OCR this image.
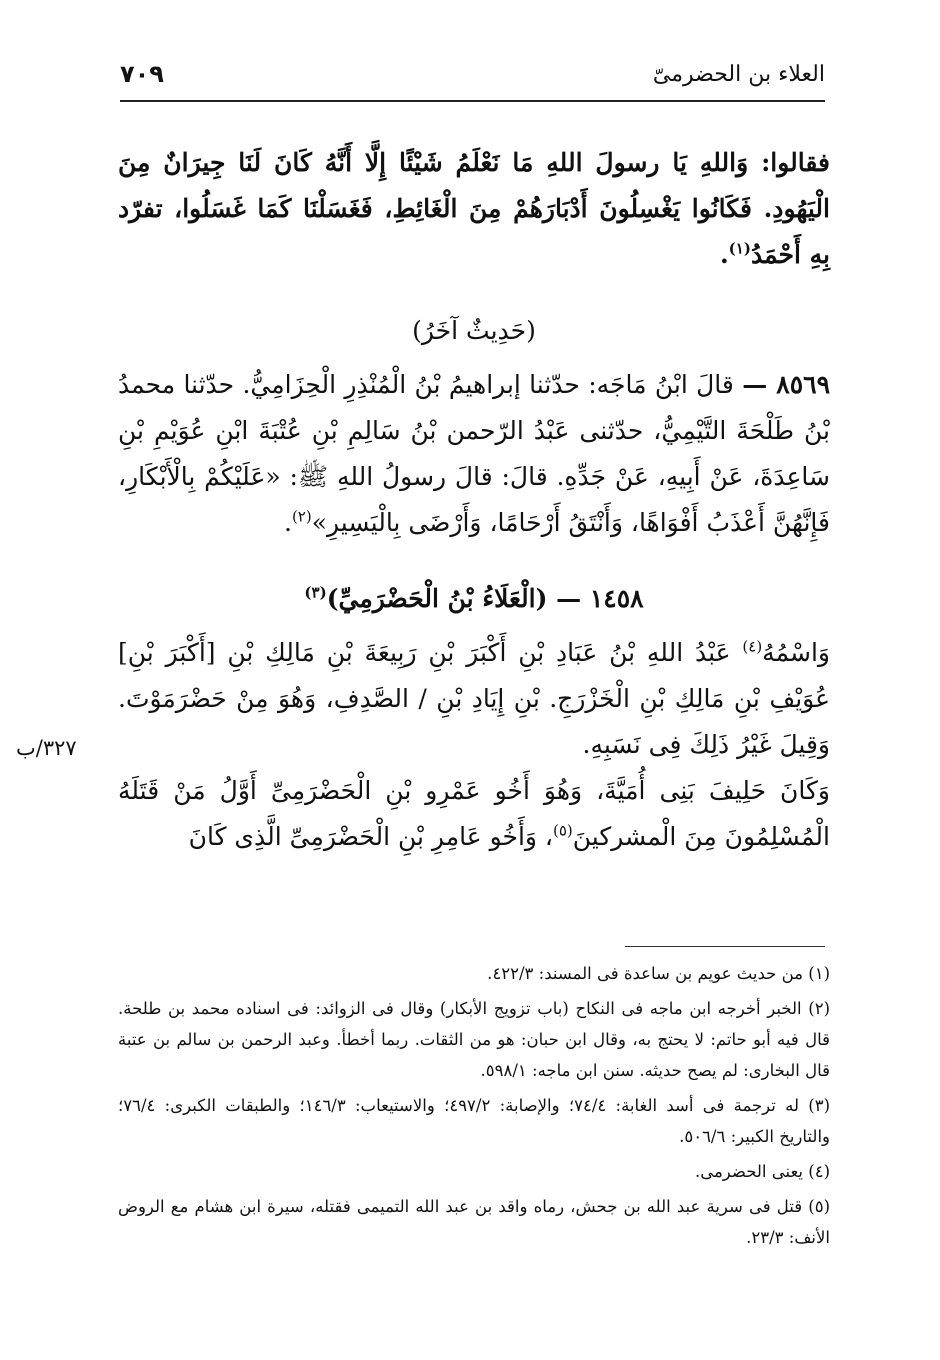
العلاء بن الحضرمىّ
٧٠٩

فقالوا: وَاللهِ يَا رسولَ اللهِ مَا نَعْلَمُ شَيْئًا إِلَّا أَنَّهُ كَانَ لَنَا جِيرَانٌ مِنَ الْيَهُودِ. فَكَانُوا يَغْسِلُونَ أَدْبَارَهُمْ مِنَ الْغَائِطِ، فَغَسَلْنَا كَمَا غَسَلُوا، تفرّد بِهِ أَحْمَدُ$^{(١)}$.

(حَدِيثٌ آخَرُ)

٨٥٦٩ — قالَ ابْنُ مَاجَه: حدّثنا إبراهيمُ بْنُ الْمُنْذِرِ الْحِزَامِيُّ. حدّثنا محمدُ بْنُ طَلْحَةَ التَّيْمِيُّ، حدّثنى عَبْدُ الرّحمن بْنُ سَالِمِ بْنِ عُتْبَةَ ابْنِ عُوَيْمِ بْنِ سَاعِدَةَ، عَنْ أَبِيهِ، عَنْ جَدِّهِ. قالَ: قالَ رسولُ اللهِ ﷺ: «عَلَيْكُمْ بِالْأَبْكَارِ، فَإِنَّهُنَّ أَعْذَبُ أَفْوَاهًا، وَأَنْتَقُ أَرْحَامًا، وَأَرْضَى بِالْيَسِيرِ»$^{(٢)}$.

١٤٥٨ — (الْعَلَاءُ بْنُ الْحَضْرَمِيِّ)$^{(٣)}$

وَاسْمُهُ$^{(٤)}$ عَبْدُ اللهِ بْنُ عَبَادِ بْنِ أَكْبَرَ بْنِ رَبِيعَةَ بْنِ مَالِكِ بْنِ [أَكْبَرَ بْنِ] عُوَيْفِ بْنِ مَالِكِ بْنِ الْخَزْرَجِ. بْنِ إِيَادِ بْنِ / الصَّدِفِ، وَهُوَ مِنْ حَضْرَمَوْتَ. وَقِيلَ غَيْرُ ذَلِكَ فِى نَسَبِهِ.

وَكَانَ حَلِيفَ بَنِى أُمَيَّةَ، وَهُوَ أَخُو عَمْرِو بْنِ الْحَضْرَمِىِّ أَوَّلُ مَنْ قَتَلَهُ الْمُسْلِمُونَ مِنَ الْمشركينَ$^{(٥)}$، وَأَخُو عَامِرِ بْنِ الْحَضْرَمِىِّ الَّذِى كَانَ

٣٢٧/ب

(١) من حديث عويم بن ساعدة فى المسند: ٤٢٢/٣.

(٢) الخبر أخرجه ابن ماجه فى النكاح (باب تزويج الأبكار) وقال فى الزوائد: فى اسناده محمد بن طلحة. قال فيه أبو حاتم: لا يحتج به، وقال ابن حبان: هو من الثقات. ربما أخطأ. وعبد الرحمن بن سالم بن عتبة قال البخارى: لم يصح حديثه. سنن ابن ماجه: ٥٩٨/١.

(٣) له ترجمة فى أسد الغابة: ٧٤/٤؛ والإصابة: ٤٩٧/٢؛ والاستيعاب: ١٤٦/٣؛ والطبقات الكبرى: ٧٦/٤؛ والتاريخ الكبير: ٥٠٦/٦.

(٤) يعنى الحضرمى.

(٥) قتل فى سرية عبد الله بن جحش، رماه واقد بن عبد الله التميمى فقتله، سيرة ابن هشام مع الروض الأنف: ٢٣/٣.
